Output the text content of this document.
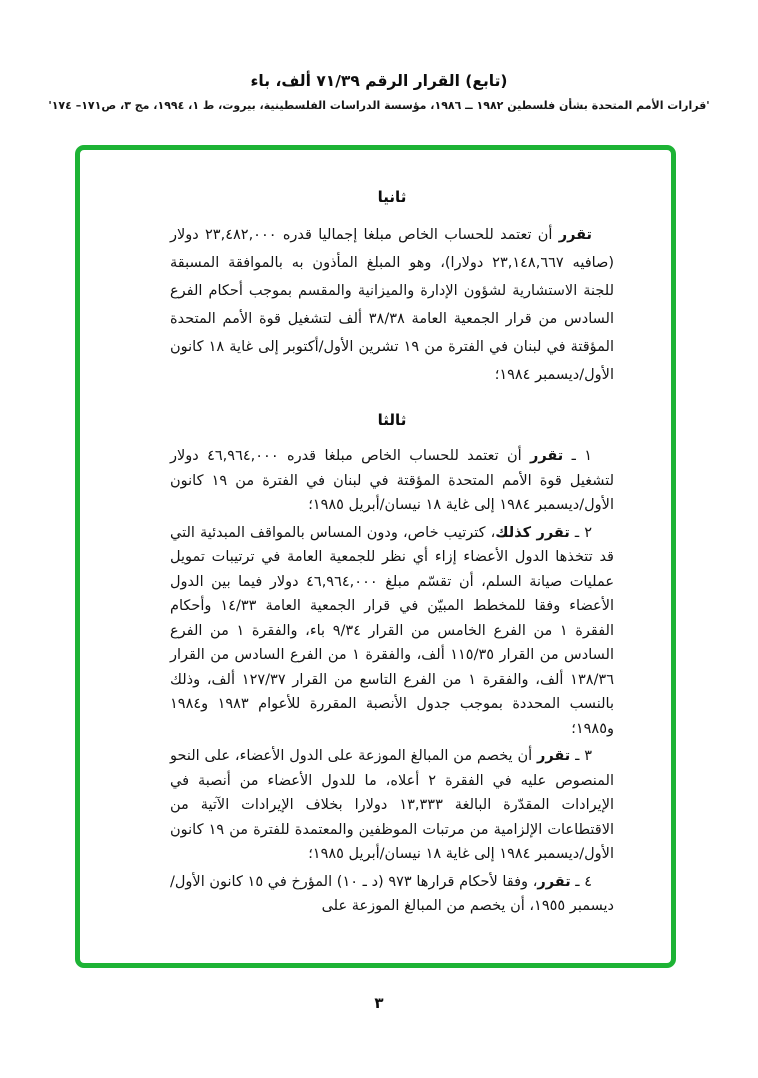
(تابع) القرار الرقم ٧١/٣٩ ألف، باء
'قرارات الأمم المتحدة بشأن فلسطين ١٩٨٢ ــ ١٩٨٦، مؤسسة الدراسات الفلسطينية، بيروت، ط ١، ١٩٩٤، مج ٣، ص١٧١– ١٧٤'
ثانيا

تقرر أن تعتمد للحساب الخاص مبلغا إجماليا قدره ٢٣,٤٨٢,٠٠٠ دولار (صافيه ٢٣,١٤٨,٦٦٧ دولارا)، وهو المبلغ المأذون به بالموافقة المسبقة للجنة الاستشارية لشؤون الإدارة والميزانية والمقسم بموجب أحكام الفرع السادس من قرار الجمعية العامة ٣٨/٣٨ ألف لتشغيل قوة الأمم المتحدة المؤقتة في لبنان في الفترة من ١٩ تشرين الأول/أكتوبر إلى غاية ١٨ كانون الأول/ديسمبر ١٩٨٤؛

ثالثا

١ ـ تقرر أن تعتمد للحساب الخاص مبلغا قدره ٤٦,٩٦٤,٠٠٠ دولار لتشغيل قوة الأمم المتحدة المؤقتة في لبنان في الفترة من ١٩ كانون الأول/ديسمبر ١٩٨٤ إلى غاية ١٨ نيسان/أبريل ١٩٨٥؛

٢ ـ تقرر كذلك، كترتيب خاص، ودون المساس بالمواقف المبدئية التي قد تتخذها الدول الأعضاء إزاء أي نظر للجمعية العامة في ترتيبات تمويل عمليات صيانة السلم، أن تقسّم مبلغ ٤٦,٩٦٤,٠٠٠ دولار فيما بين الدول الأعضاء وفقا للمخطط المبيّن في قرار الجمعية العامة ١٤/٣٣ وأحكام الفقرة ١ من الفرع الخامس من القرار ٩/٣٤ باء، والفقرة ١ من الفرع السادس من القرار ١١٥/٣٥ ألف، والفقرة ١ من الفرع السادس من القرار ١٣٨/٣٦ ألف، والفقرة ١ من الفرع التاسع من القرار ١٢٧/٣٧ ألف، وذلك بالنسب المحددة بموجب جدول الأنصبة المقررة للأعوام ١٩٨٣ و١٩٨٤ و١٩٨٥؛

٣ ـ تقرر أن يخصم من المبالغ الموزعة على الدول الأعضاء، على النحو المنصوص عليه في الفقرة ٢ أعلاه، ما للدول الأعضاء من أنصبة في الإيرادات المقدّرة البالغة ١٣,٣٣٣ دولارا بخلاف الإيرادات الآتية من الاقتطاعات الإلزامية من مرتبات الموظفين والمعتمدة للفترة من ١٩ كانون الأول/ديسمبر ١٩٨٤ إلى غاية ١٨ نيسان/أبريل ١٩٨٥؛

٤ ـ تقرر، وفقا لأحكام قرارها ٩٧٣ (د ـ ١٠) المؤرخ في ١٥ كانون الأول/ديسمبر ١٩٥٥، أن يخصم من المبالغ الموزعة على

٣
